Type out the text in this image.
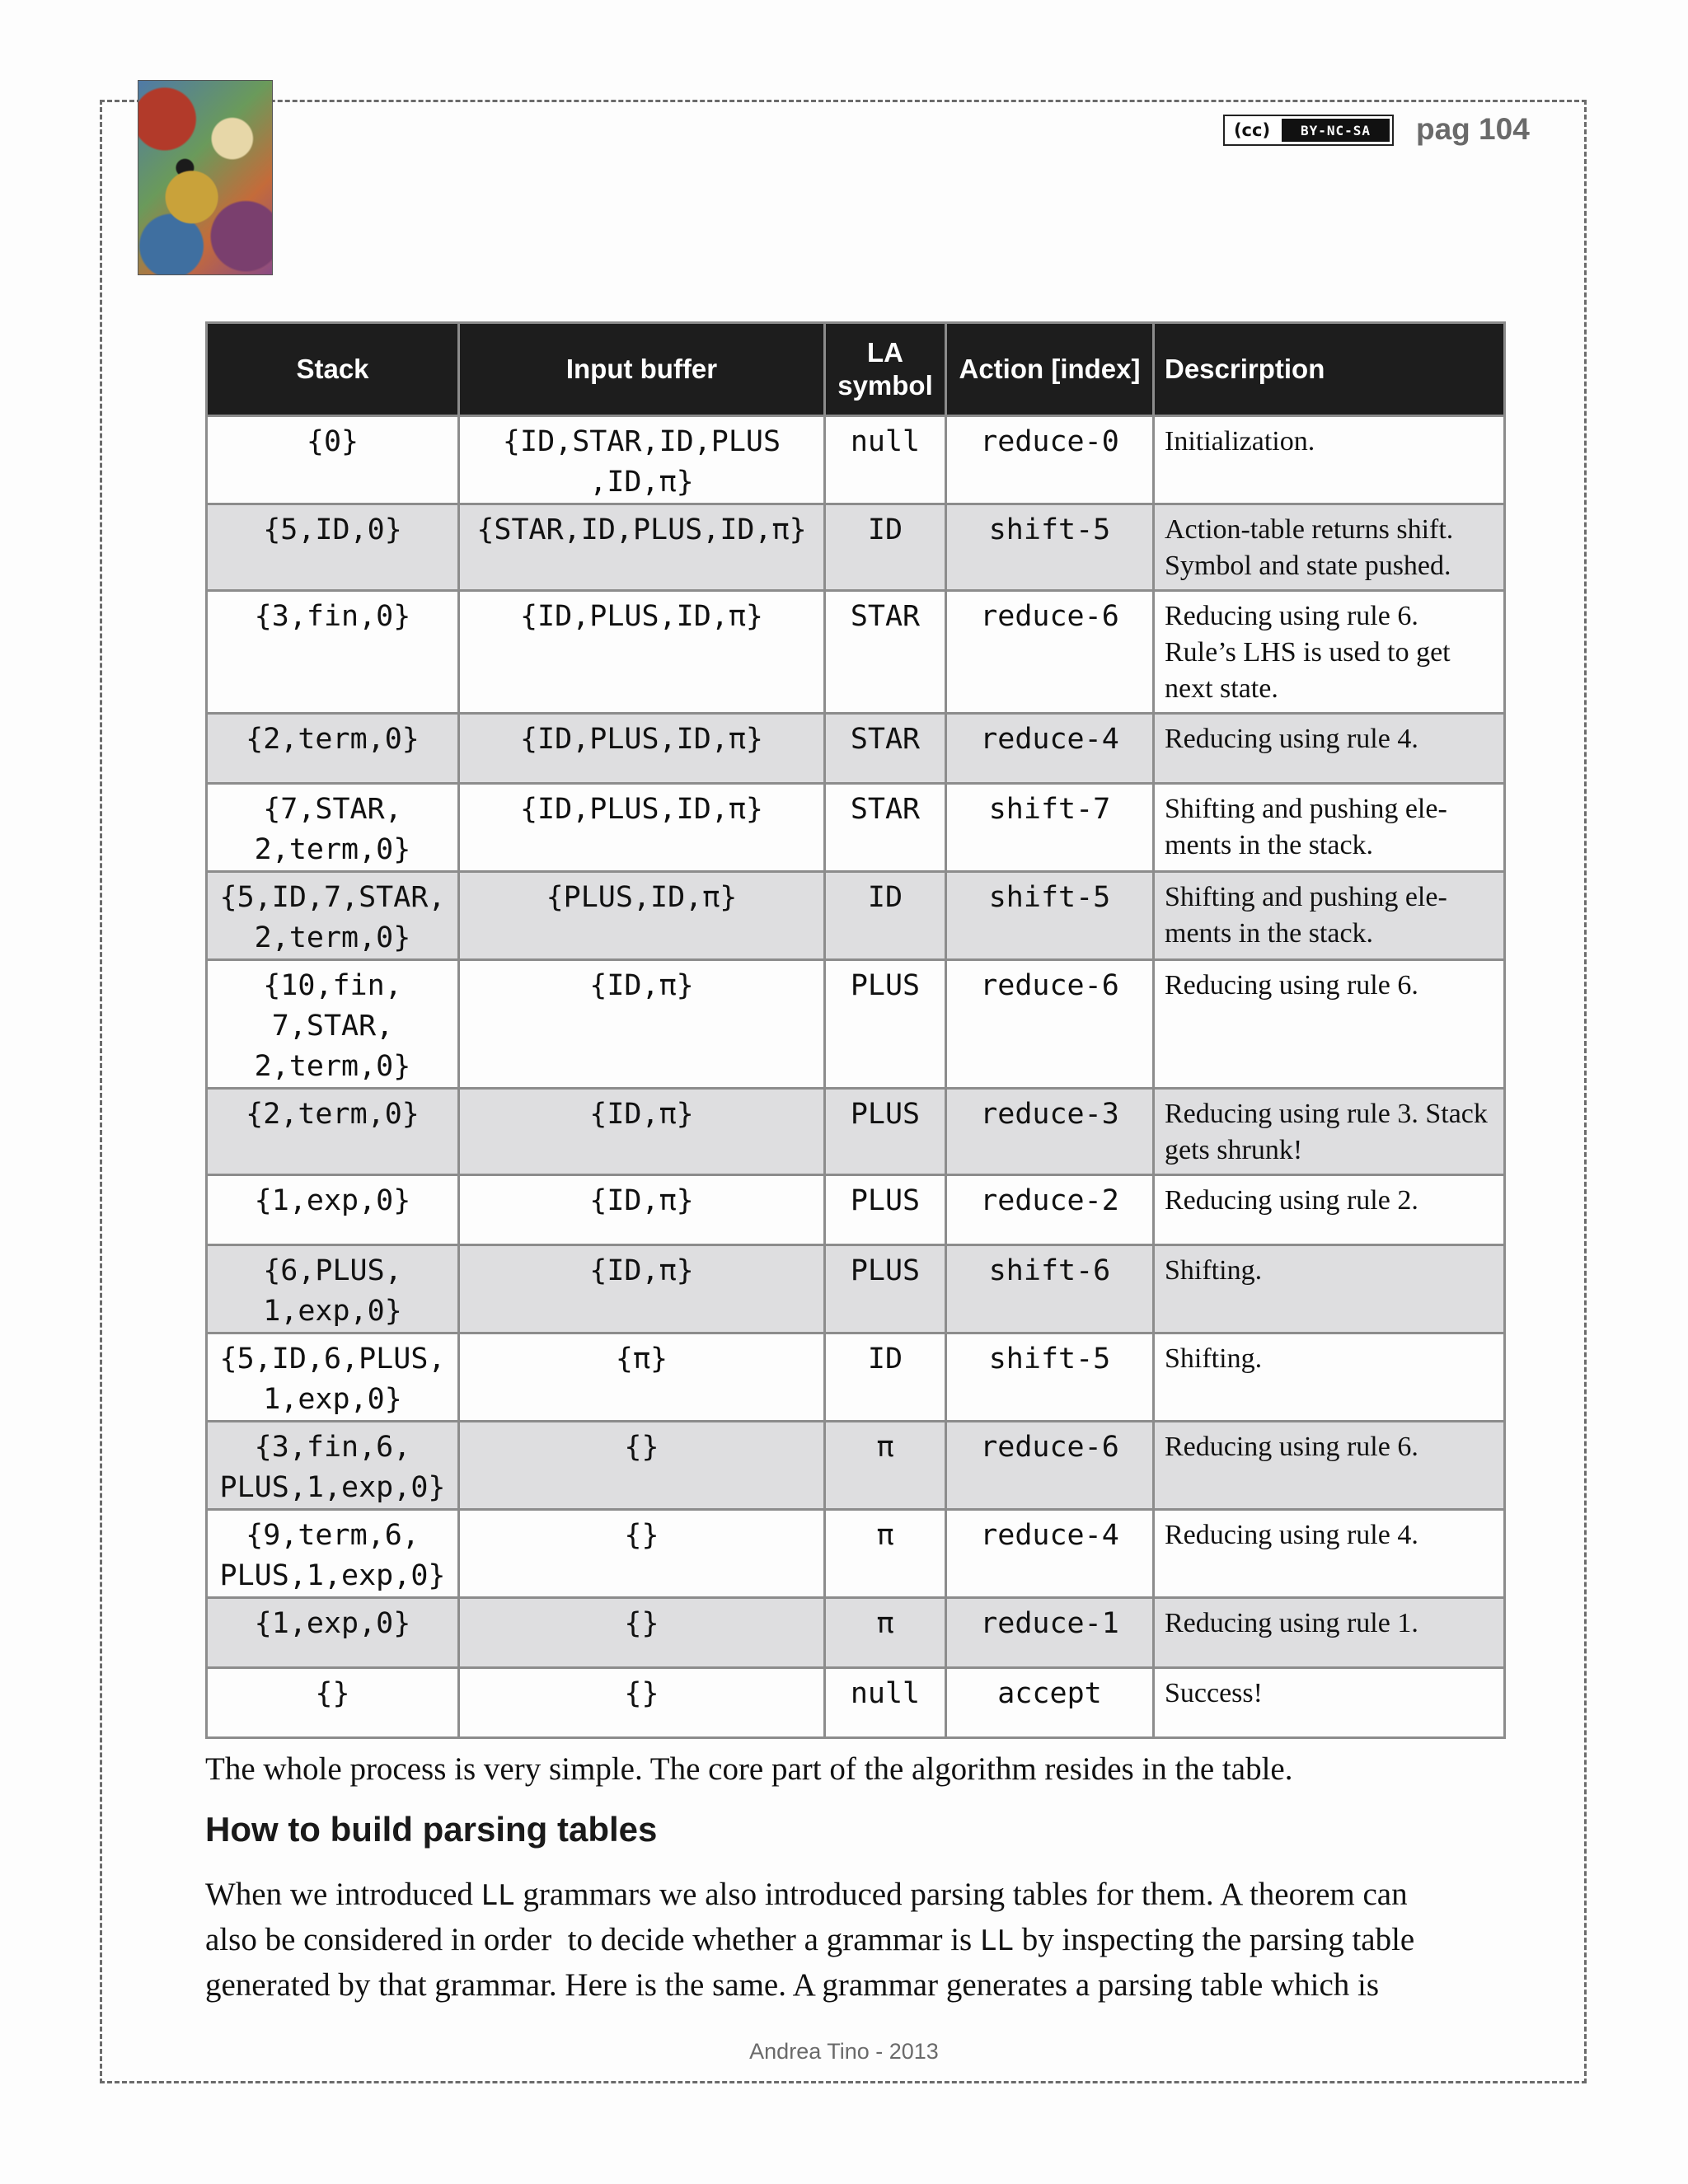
(cc)	BY-NC-SA	pag 104
Stack	Input buffer	LA symbol	Action [index]	Descrirption
{0}	{ID,STAR,ID,PLUS
,ID,π}	null	reduce-0	Initialization.
{5,ID,0}	{STAR,ID,PLUS,ID,π}	ID	shift-5	Action-table returns shift. Symbol and state pushed.
{3,fin,0}	{ID,PLUS,ID,π}	STAR	reduce-6	Reducing using rule 6. Rule’s LHS is used to get next state.
{2,term,0}	{ID,PLUS,ID,π}	STAR	reduce-4	Reducing using rule 4.
{7,STAR,
2,term,0}	{ID,PLUS,ID,π}	STAR	shift-7	Shifting and pushing ele-
ments in the stack.
{5,ID,7,STAR,
2,term,0}	{PLUS,ID,π}	ID	shift-5	Shifting and pushing ele-
ments in the stack.
{10,fin,
7,STAR,
2,term,0}	{ID,π}	PLUS	reduce-6	Reducing using rule 6.
{2,term,0}	{ID,π}	PLUS	reduce-3	Reducing using rule 3. Stack gets shrunk!
{1,exp,0}	{ID,π}	PLUS	reduce-2	Reducing using rule 2.
{6,PLUS,
1,exp,0}	{ID,π}	PLUS	shift-6	Shifting.
{5,ID,6,PLUS,
1,exp,0}	{π}	ID	shift-5	Shifting.
{3,fin,6,
PLUS,1,exp,0}	{}	π	reduce-6	Reducing using rule 6.
{9,term,6,
PLUS,1,exp,0}	{}	π	reduce-4	Reducing using rule 4.
{1,exp,0}	{}	π	reduce-1	Reducing using rule 1.
{}	{}	null	accept	Success!

The whole process is very simple. The core part of the algorithm resides in the table.

How to build parsing tables
When we introduced LL grammars we also introduced parsing tables for them. A theorem can
also be considered in order  to decide whether a grammar is LL by inspecting the parsing table
generated by that grammar. Here is the same. A grammar generates a parsing table which is
Andrea Tino - 2013
